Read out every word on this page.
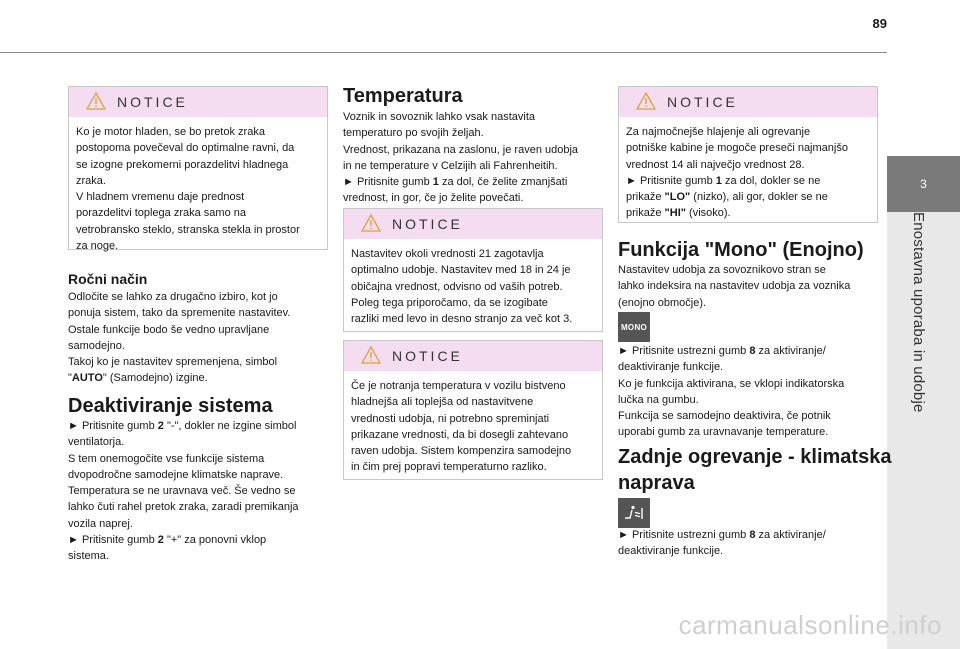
89
3
Enostavna uporaba in udobje
NOTICE
Ko je motor hladen, se bo pretok zraka
postopoma povečeval do optimalne ravni, da
se izogne prekomerni porazdelitvi hladnega
zraka.
V hladnem vremenu daje prednost
porazdelitvi toplega zraka samo na
vetrobransko steklo, stranska stekla in prostor
za noge.
Ročni način
Odločite se lahko za drugačno izbiro, kot jo
ponuja sistem, tako da spremenite nastavitev.
Ostale funkcije bodo še vedno upravljane
samodejno.
Takoj ko je nastavitev spremenjena, simbol
"AUTO" (Samodejno) izgine.
Deaktiviranje sistema
► Pritisnite gumb 2 "-", dokler ne izgine simbol
ventilatorja.
S tem onemogočite vse funkcije sistema
dvopodročne samodejne klimatske naprave.
Temperatura se ne uravnava več. Še vedno se
lahko čuti rahel pretok zraka, zaradi premikanja
vozila naprej.
► Pritisnite gumb 2 "+" za ponovni vklop
sistema.
Temperatura
Voznik in sovoznik lahko vsak nastavita
temperaturo po svojih željah.
Vrednost, prikazana na zaslonu, je raven udobja
in ne temperature v Celzijih ali Fahrenheitih.
► Pritisnite gumb 1 za dol, če želite zmanjšati
vrednost, in gor, če jo želite povečati.
NOTICE
Nastavitev okoli vrednosti 21 zagotavlja
optimalno udobje. Nastavitev med 18 in 24 je
običajna vrednost, odvisno od vaših potreb.
Poleg tega priporočamo, da se izogibate
razliki med levo in desno stranjo za več kot 3.
NOTICE
Če je notranja temperatura v vozilu bistveno
hladnejša ali toplejša od nastavitvene
vrednosti udobja, ni potrebno spreminjati
prikazane vrednosti, da bi dosegli zahtevano
raven udobja. Sistem kompenzira samodejno
in čim prej popravi temperaturno razliko.
NOTICE
Za najmočnejše hlajenje ali ogrevanje
potniške kabine je mogoče preseči najmanjšo
vrednost 14 ali največjo vrednost 28.
► Pritisnite gumb 1 za dol, dokler se ne
prikaže "LO" (nizko), ali gor, dokler se ne
prikaže "HI" (visoko).
Funkcija "Mono" (Enojno)
Nastavitev udobja za sovoznikovo stran se
lahko indeksira na nastavitev udobja za voznika
(enojno območje).
MONO
► Pritisnite ustrezni gumb 8 za aktiviranje/
deaktiviranje funkcije.
Ko je funkcija aktivirana, se vklopi indikatorska
lučka na gumbu.
Funkcija se samodejno deaktivira, če potnik
uporabi gumb za uravnavanje temperature.
Zadnje ogrevanje - klimatska
naprava
► Pritisnite ustrezni gumb 8 za aktiviranje/
deaktiviranje funkcije.
carmanualsonline.info
